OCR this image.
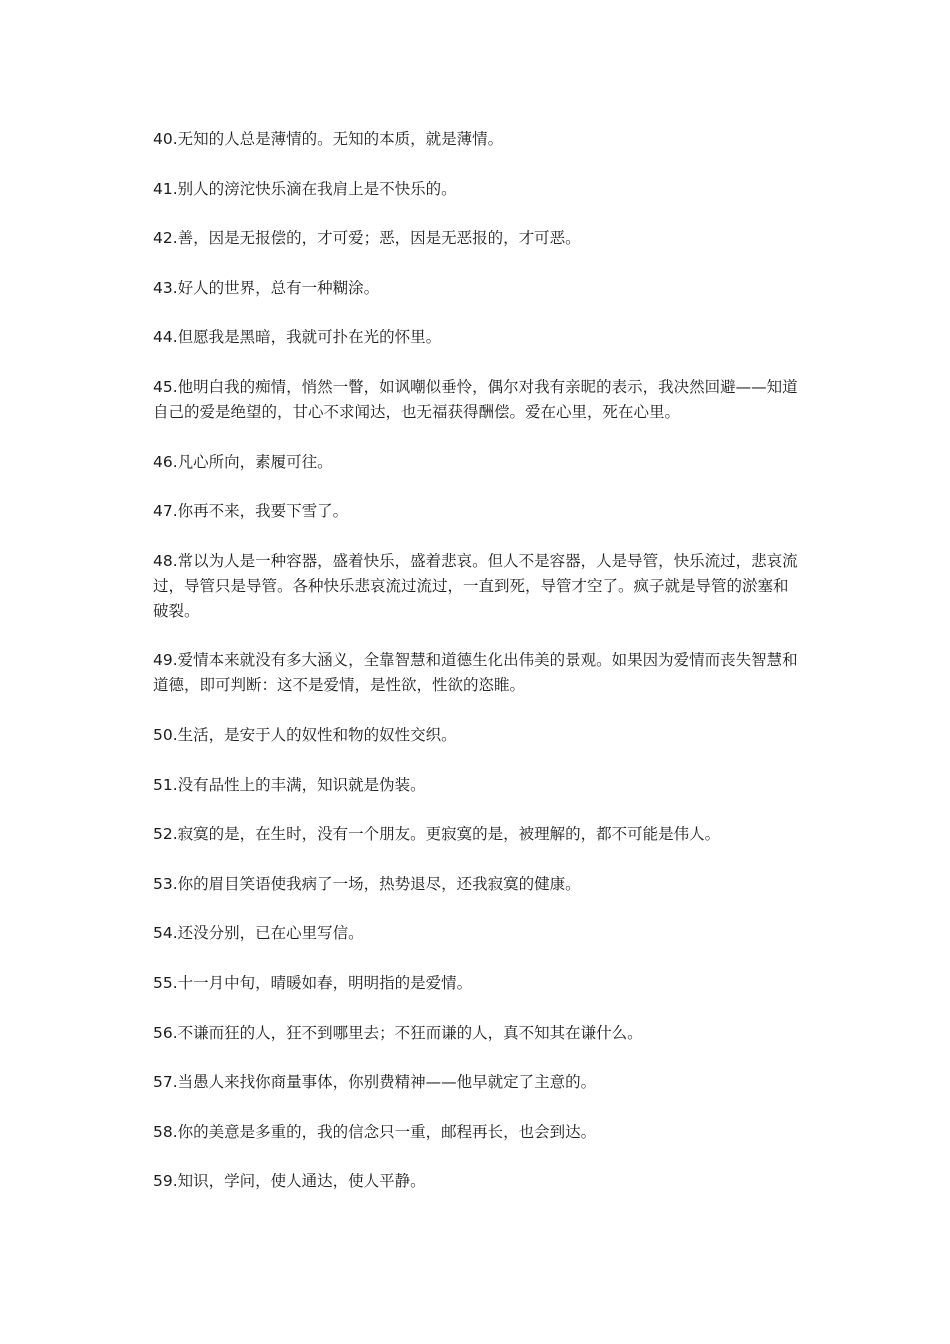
40.无知的人总是薄情的。无知的本质，就是薄情。

41.别人的滂沱快乐滴在我肩上是不快乐的。

42.善，因是无报偿的，才可爱；恶，因是无恶报的，才可恶。

43.好人的世界，总有一种糊涂。

44.但愿我是黑暗，我就可扑在光的怀里。

45.他明白我的痴情，悄然一瞥，如讽嘲似垂怜，偶尔对我有亲昵的表示，我决然回避——知道自己的爱是绝望的，甘心不求闻达，也无福获得酬偿。爱在心里，死在心里。

46.凡心所向，素履可往。

47.你再不来，我要下雪了。

48.常以为人是一种容器，盛着快乐，盛着悲哀。但人不是容器，人是导管，快乐流过，悲哀流过，导管只是导管。各种快乐悲哀流过流过，一直到死，导管才空了。疯子就是导管的淤塞和破裂。

49.爱情本来就没有多大涵义，全靠智慧和道德生化出伟美的景观。如果因为爱情而丧失智慧和道德，即可判断：这不是爱情，是性欲，性欲的恣睢。

50.生活，是安于人的奴性和物的奴性交织。

51.没有品性上的丰满，知识就是伪装。

52.寂寞的是，在生时，没有一个朋友。更寂寞的是，被理解的，都不可能是伟人。

53.你的眉目笑语使我病了一场，热势退尽，还我寂寞的健康。

54.还没分别，已在心里写信。

55.十一月中旬，晴暖如春，明明指的是爱情。

56.不谦而狂的人，狂不到哪里去；不狂而谦的人，真不知其在谦什么。

57.当愚人来找你商量事体，你别费精神——他早就定了主意的。

58.你的美意是多重的，我的信念只一重，邮程再长，也会到达。

59.知识，学问，使人通达，使人平静。
